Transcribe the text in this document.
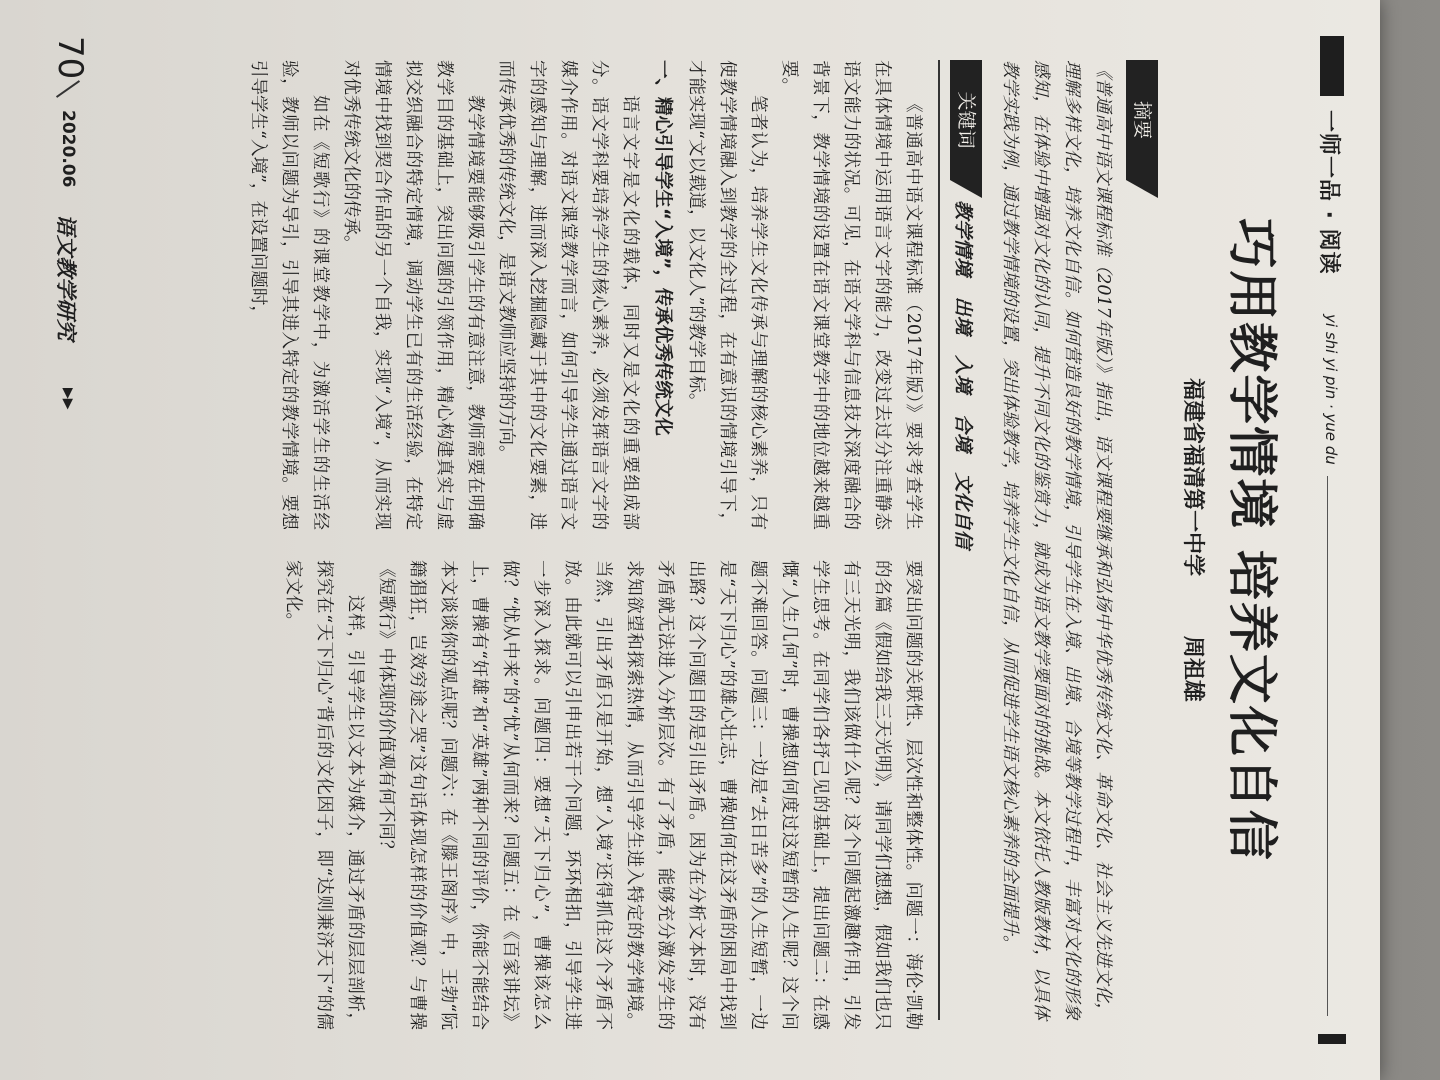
一师一品 · 阅读
yi shi yi pin · yue du
巧用教学情境 培养文化自信
福建省福清第一中学 周祖雄
摘要
《普通高中语文课程标准（2017年版）》指出，语文课程要继承和弘扬中华优秀传统文化、革命文化、社会主义先进文化，理解多样文化，培养文化自信。如何营造良好的教学情境，引导学生在入境、出境、合境等教学过程中，丰富对文化的形象感知，在体验中增强对文化的认同，提升不同文化的鉴赏力，就成为语文教学要面对的挑战。本文依托人教版教材，以具体教学实践为例，通过教学情境的设置，突出体验教学，培养学生文化自信，从而促进学生语文核心素养的全面提升。
关键词
教学情境 出境 入境 合境 文化自信

《普通高中语文课程标准（2017年版）》要求考查学生在具体情境中运用语言文字的能力，改变过去过分注重静态语文能力的状况。可见，在语文学科与信息技术深度融合的背景下，教学情境的设置在语文课堂教学中的地位越来越重要。

笔者认为，培养学生文化传承与理解的核心素养，只有使教学情境融入到教学的全过程，在有意识的情境引导下，才能实现“文以载道，以文化人”的教学目标。

一、精心引导学生“入境”，传承优秀传统文化

语言文字是文化的载体，同时又是文化的重要组成部分。语文学科要培养学生的核心素养，必须发挥语言文字的媒介作用。对语文课堂教学而言，如何引导学生通过语言文字的感知与理解，进而深入挖掘隐藏于其中的文化要素，进而传承优秀的传统文化，是语文教师应坚持的方向。

教学情境要能够吸引学生的有意注意，教师需要在明确教学目的基础上，突出问题的引领作用，精心构建真实与虚拟交织融合的特定情境，调动学生已有的生活经验，在特定情境中找到契合作品的另一个自我，实现“入境”，从而实现对优秀传统文化的传承。

如在《短歌行》的课堂教学中，为激活学生的生活经验，教师以问题为导引，引导其进入特定的教学情境。要想引导学生“入境”，在设置问题时，

要突出问题的关联性、层次性和整体性。问题一：海伦·凯勒的名篇《假如给我三天光明》，请同学们想想，假如我们也只有三天光明，我们该做什么呢？这个问题起激趣作用，引发学生思考。在同学们各抒己见的基础上，提出问题二：在感慨“人生几何”时，曹操想如何度过这短暂的人生呢？这个问题不难回答。问题三：一边是“去日苦多”的人生短暂，一边是“天下归心”的雄心壮志，曹操如何在这矛盾的困局中找到出路？这个问题目的是引出矛盾。因为在分析文本时，没有矛盾就无法进入分析层次。有了矛盾，能够充分激发学生的求知欲望和探索热情，从而引导学生进入特定的教学情境。当然，引出矛盾只是开始，想“入境”还得抓住这个矛盾不放。由此就可以引申出若干个问题，环环相扣，引导学生进一步深入探求。问题四：要想“天下归心”，曹操该怎么做？“忧从中来”的“忧”从何而来？问题五：在《百家讲坛》上，曹操有“奸雄”和“英雄”两种不同的评价，你能不能结合本文谈谈你的观点呢？问题六：在《滕王阁序》中，王勃“阮籍猖狂，岂效穷途之哭”这句话体现怎样的价值观？与曹操《短歌行》中体现的价值观有何不同？

这样，引导学生以文本为媒介，通过矛盾的层层剖析，探究在“天下归心”背后的文化因子，即“达则兼济天下”的儒家文化。

70
2020.06
语文教学研究
▶▶
